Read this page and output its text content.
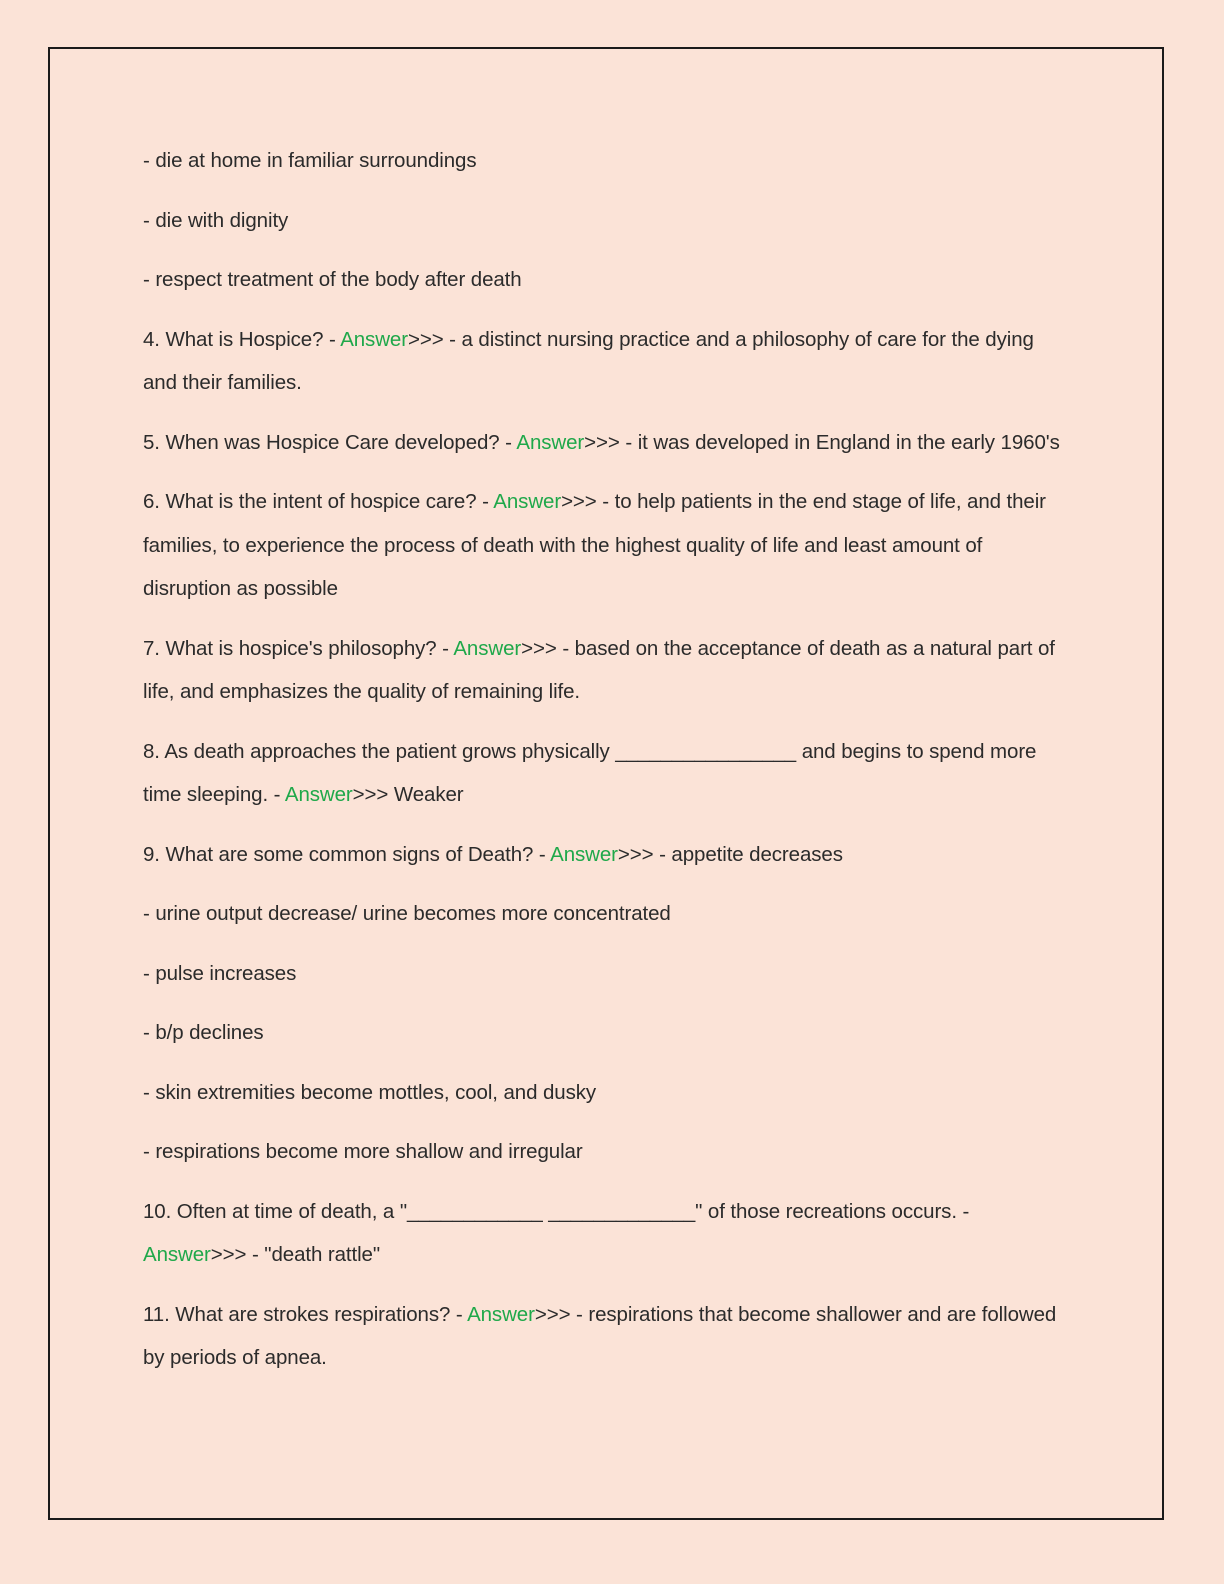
- die at home in familiar surroundings

- die with dignity

- respect treatment of the body after death

4. What is Hospice? - Answer>>> - a distinct nursing practice and a philosophy of care for the dying and their families.

5. When was Hospice Care developed? - Answer>>> - it was developed in England in the early 1960's

6. What is the intent of hospice care? - Answer>>> - to help patients in the end stage of life, and their families, to experience the process of death with the highest quality of life and least amount of disruption as possible

7. What is hospice's philosophy? - Answer>>> - based on the acceptance of death as a natural part of life, and emphasizes the quality of remaining life.

8. As death approaches the patient grows physically ________________ and begins to spend more time sleeping. - Answer>>> Weaker

9. What are some common signs of Death? - Answer>>> - appetite decreases

- urine output decrease/ urine becomes more concentrated

- pulse increases

- b/p declines

- skin extremities become mottles, cool, and dusky

- respirations become more shallow and irregular

10. Often at time of death, a "____________ _____________" of those recreations occurs. - Answer>>> - "death rattle"

11. What are strokes respirations? - Answer>>> - respirations that become shallower and are followed by periods of apnea.
